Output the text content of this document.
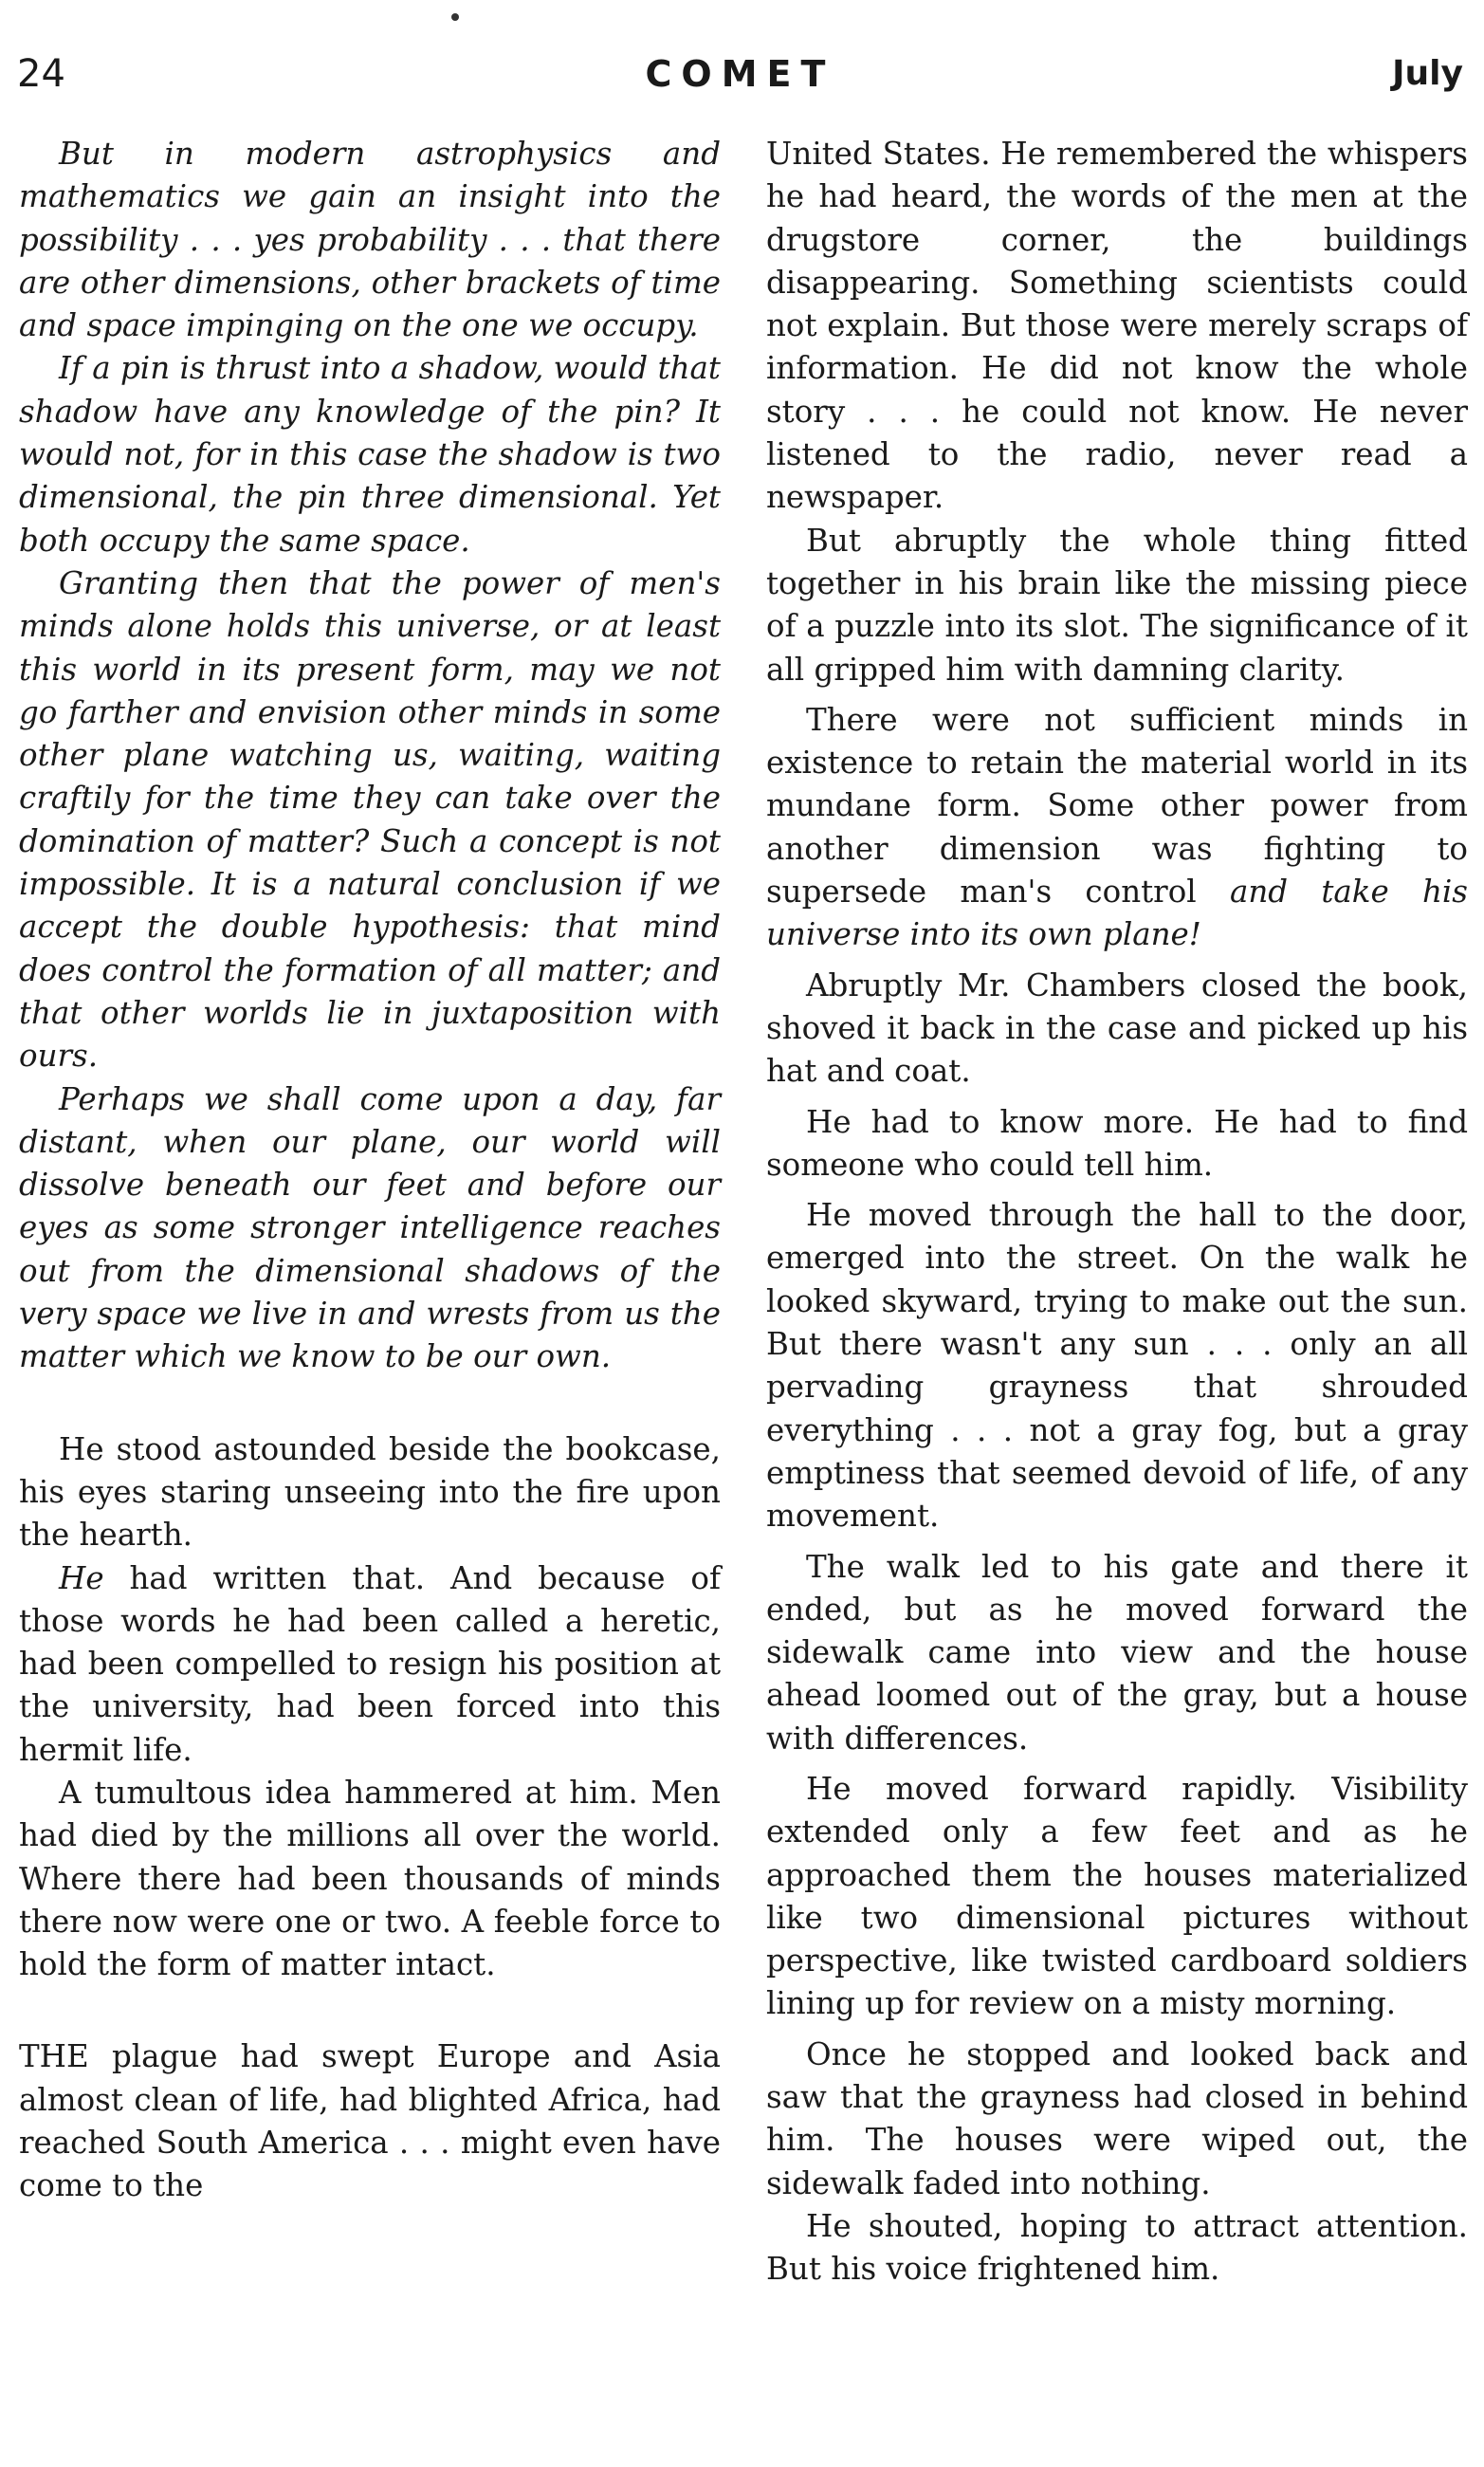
24	COMET	July

But in modern astrophysics and mathematics we gain an insight into the possibility . . . yes probability . . . that there are other dimensions, other brackets of time and space impinging on the one we occupy.

If a pin is thrust into a shadow, would that shadow have any knowledge of the pin? It would not, for in this case the shadow is two dimensional, the pin three dimensional. Yet both occupy the same space.

Granting then that the power of men's minds alone holds this universe, or at least this world in its present form, may we not go farther and envision other minds in some other plane watching us, waiting, waiting craftily for the time they can take over the domination of matter? Such a concept is not impossible. It is a natural conclusion if we accept the double hypothesis: that mind does control the formation of all matter; and that other worlds lie in juxtaposition with ours.

Perhaps we shall come upon a day, far distant, when our plane, our world will dissolve beneath our feet and before our eyes as some stronger intelligence reaches out from the dimensional shadows of the very space we live in and wrests from us the matter which we know to be our own.

He stood astounded beside the bookcase, his eyes staring unseeing into the fire upon the hearth.

He had written that. And because of those words he had been called a heretic, had been compelled to resign his position at the university, had been forced into this hermit life.

A tumultous idea hammered at him. Men had died by the millions all over the world. Where there had been thousands of minds there now were one or two. A feeble force to hold the form of matter intact.

THE plague had swept Europe and Asia almost clean of life, had blighted Africa, had reached South America . . . might even have come to the

United States. He remembered the whispers he had heard, the words of the men at the drugstore corner, the buildings disappearing. Something scientists could not explain. But those were merely scraps of information. He did not know the whole story . . . he could not know. He never listened to the radio, never read a newspaper.

But abruptly the whole thing fitted together in his brain like the missing piece of a puzzle into its slot. The significance of it all gripped him with damning clarity.

There were not sufficient minds in existence to retain the material world in its mundane form. Some other power from another dimension was fighting to supersede man's control and take his universe into its own plane!

Abruptly Mr. Chambers closed the book, shoved it back in the case and picked up his hat and coat.

He had to know more. He had to find someone who could tell him.

He moved through the hall to the door, emerged into the street. On the walk he looked skyward, trying to make out the sun. But there wasn't any sun . . . only an all pervading grayness that shrouded everything . . . not a gray fog, but a gray emptiness that seemed devoid of life, of any movement.

The walk led to his gate and there it ended, but as he moved forward the sidewalk came into view and the house ahead loomed out of the gray, but a house with differences.

He moved forward rapidly. Visibility extended only a few feet and as he approached them the houses materialized like two dimensional pictures without perspective, like twisted cardboard soldiers lining up for review on a misty morning.

Once he stopped and looked back and saw that the grayness had closed in behind him. The houses were wiped out, the sidewalk faded into nothing.

He shouted, hoping to attract attention. But his voice frightened him.
